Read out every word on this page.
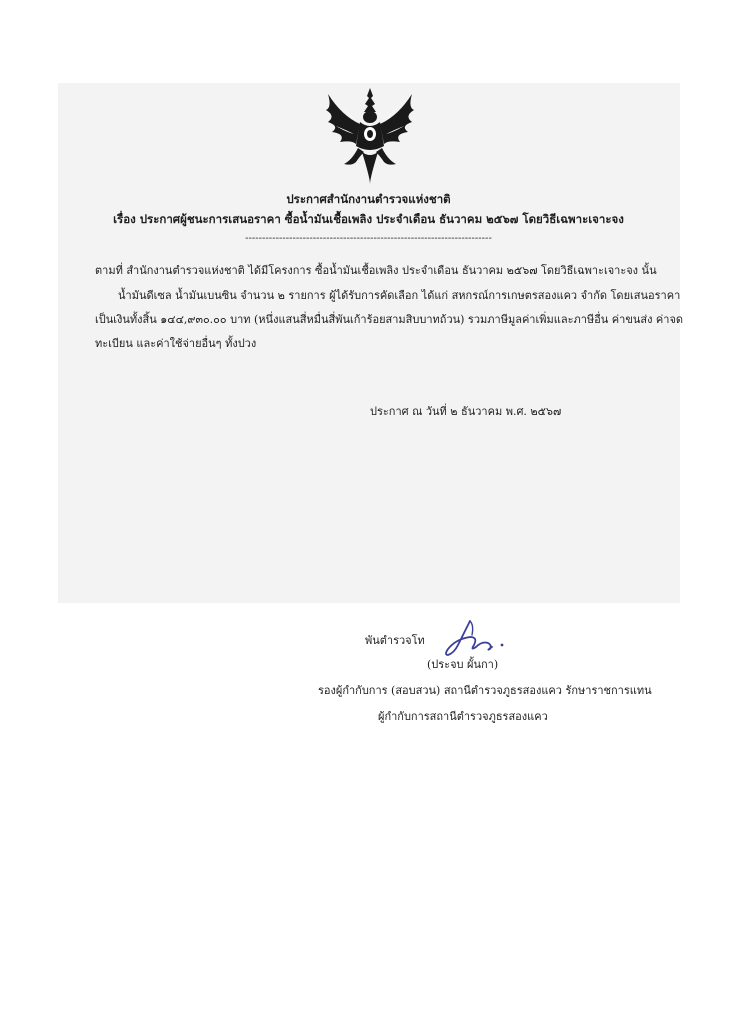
ประกาศสำนักงานตำรวจแห่งชาติ
เรื่อง ประกาศผู้ชนะการเสนอราคา ซื้อน้ำมันเชื้อเพลิง ประจำเดือน ธันวาคม ๒๕๖๗ โดยวิธีเฉพาะเจาะจง
-------------------------------------------------------------------------
ตามที่ สำนักงานตำรวจแห่งชาติ ได้มีโครงการ ซื้อน้ำมันเชื้อเพลิง ประจำเดือน ธันวาคม ๒๕๖๗ โดยวิธีเฉพาะเจาะจง นั้น
น้ำมันดีเซล น้ำมันเบนซิน จำนวน ๒ รายการ ผู้ได้รับการคัดเลือก ได้แก่ สหกรณ์การเกษตรสองแคว จำกัด โดยเสนอราคา
เป็นเงินทั้งสิ้น ๑๔๔,๙๓๐.๐๐ บาท (หนึ่งแสนสี่หมื่นสี่พันเก้าร้อยสามสิบบาทถ้วน) รวมภาษีมูลค่าเพิ่มและภาษีอื่น ค่าขนส่ง ค่าจด
ทะเบียน และค่าใช้จ่ายอื่นๆ ทั้งปวง
ประกาศ ณ วันที่ ๒ ธันวาคม พ.ศ. ๒๕๖๗
พันตำรวจโท
(ประจบ ผั้นกา)
รองผู้กำกับการ (สอบสวน) สถานีตำรวจภูธรสองแคว รักษาราชการแทน
ผู้กำกับการสถานีตำรวจภูธรสองแคว
